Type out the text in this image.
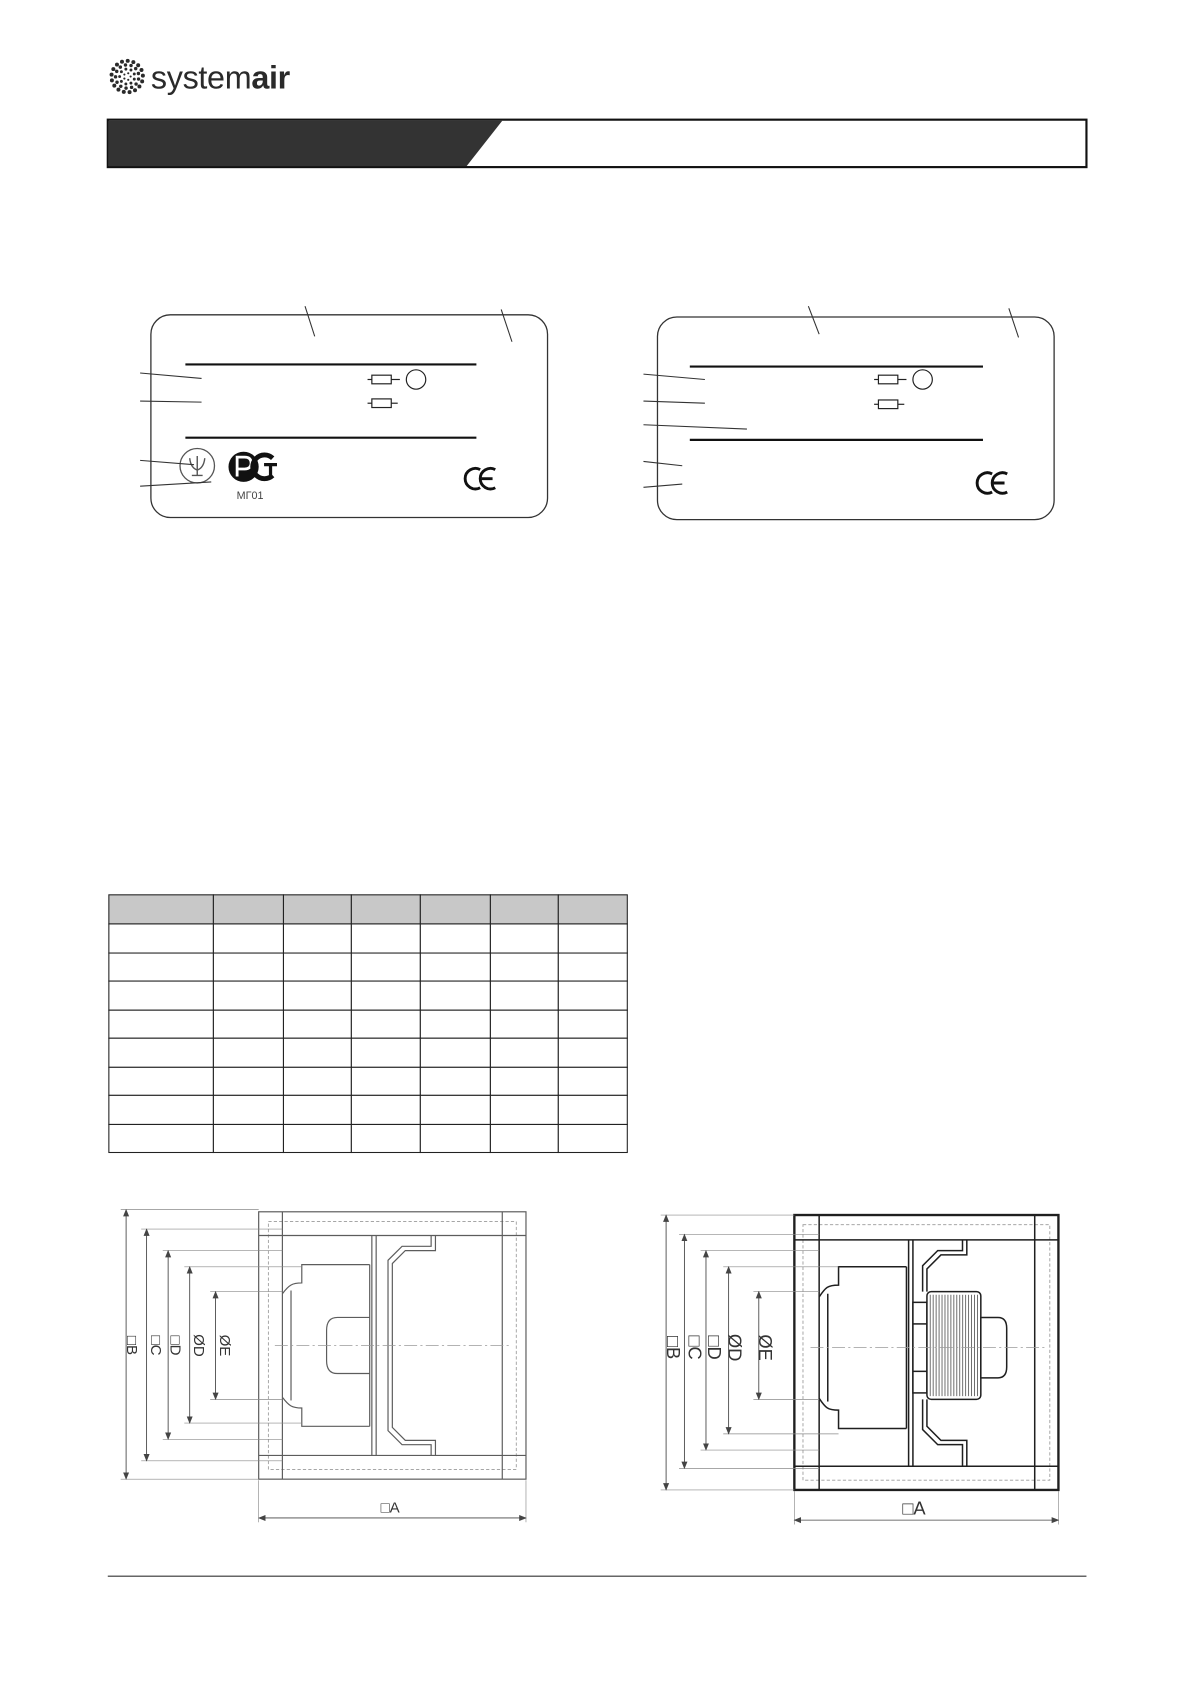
systemair
MГ01
□B □C □D ØD ØE
□A
□B □C
□D ØD ØE
□A
